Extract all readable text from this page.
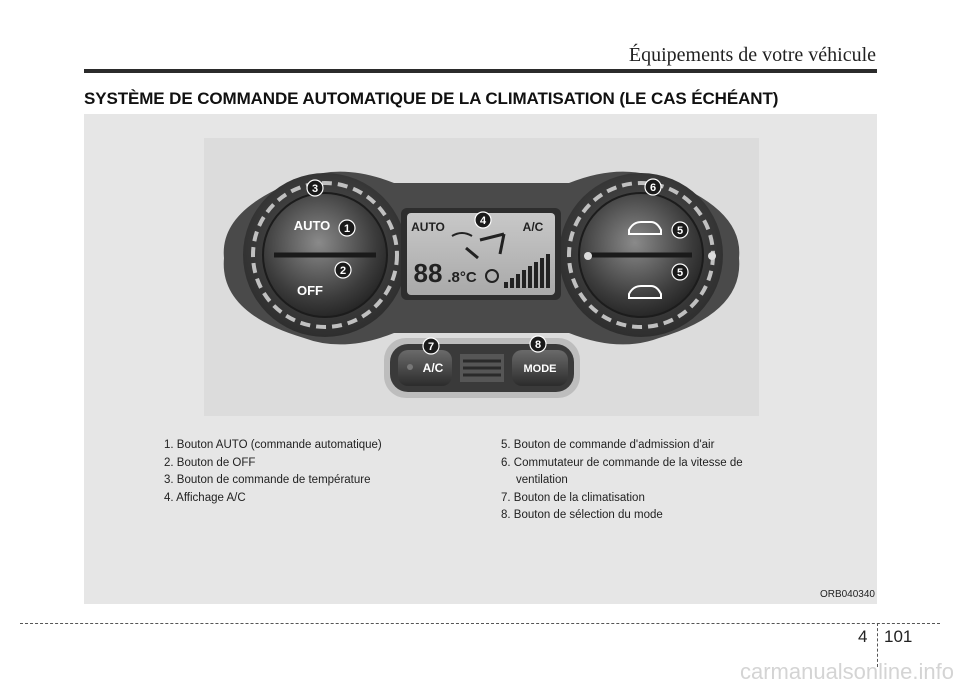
Équipements de votre véhicule
SYSTÈME DE COMMANDE AUTOMATIQUE DE LA CLIMATISATION (LE CAS ÉCHÉANT)
AUTO
OFF
AUTO	A/C
88 .8°C
A/C	MODE
1
2
3
4
5
5
6
7	8
1. Bouton AUTO (commande automatique)
2. Bouton de OFF
3. Bouton de commande de température
4. Affichage A/C
5. Bouton de commande d'admission d'air
6. Commutateur de commande de la vitesse de
ventilation
7. Bouton de la climatisation
8. Bouton de sélection du mode
ORB040340
4 101
carmanualsonline.info
